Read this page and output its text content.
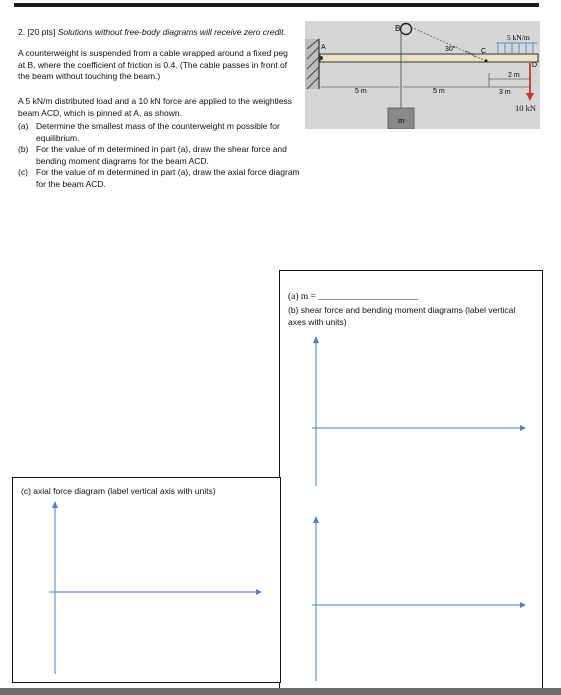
2. [20 pts] Solutions without free-body diagrams will receive zero credit.
A counterweight is suspended from a cable wrapped around a fixed peg at B, where the coefficient of friction is 0.4. (The cable passes in front of the beam without touching the beam.)
A 5 kN/m distributed load and a 10 kN force are applied to the weightless beam ACD, which is pinned at A, as shown.
(a) Determine the smallest mass of the counterweight m possible for equilibrium.
(b) For the value of m determined in part (a), draw the shear force and bending moment diagrams for the beam ACD.
(c) For the value of m determined in part (a), draw the axial force diagram for the beam ACD.
B
A
C
D
30°
5 kN/m
5 m	5 m
2 m
3 m
m
10 kN
(a) m = _____________________
(b) shear force and bending moment diagrams (label vertical axes with units)
(c) axial force diagram (label vertical axis with units)
